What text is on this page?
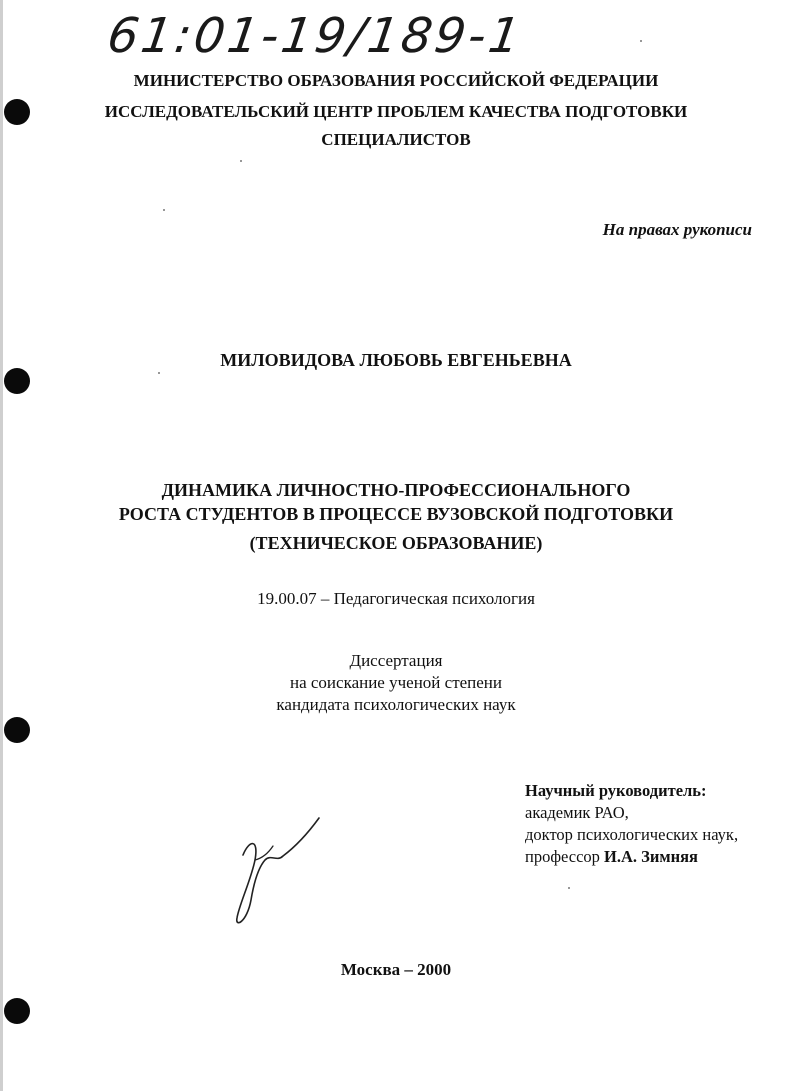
61:01-19/189-1
МИНИСТЕРСТВО ОБРАЗОВАНИЯ РОССИЙСКОЙ ФЕДЕРАЦИИ
ИССЛЕДОВАТЕЛЬСКИЙ ЦЕНТР ПРОБЛЕМ КАЧЕСТВА ПОДГОТОВКИ
СПЕЦИАЛИСТОВ
На правах рукописи
МИЛОВИДОВА ЛЮБОВЬ ЕВГЕНЬЕВНА
ДИНАМИКА ЛИЧНОСТНО-ПРОФЕССИОНАЛЬНОГО
РОСТА СТУДЕНТОВ В ПРОЦЕССЕ ВУЗОВСКОЙ ПОДГОТОВКИ
(ТЕХНИЧЕСКОЕ ОБРАЗОВАНИЕ)
19.00.07 – Педагогическая психология
Диссертация
на соискание ученой степени
кандидата психологических наук
Научный руководитель:
академик РАО,
доктор психологических наук,
профессор И.А. Зимняя
Москва – 2000
